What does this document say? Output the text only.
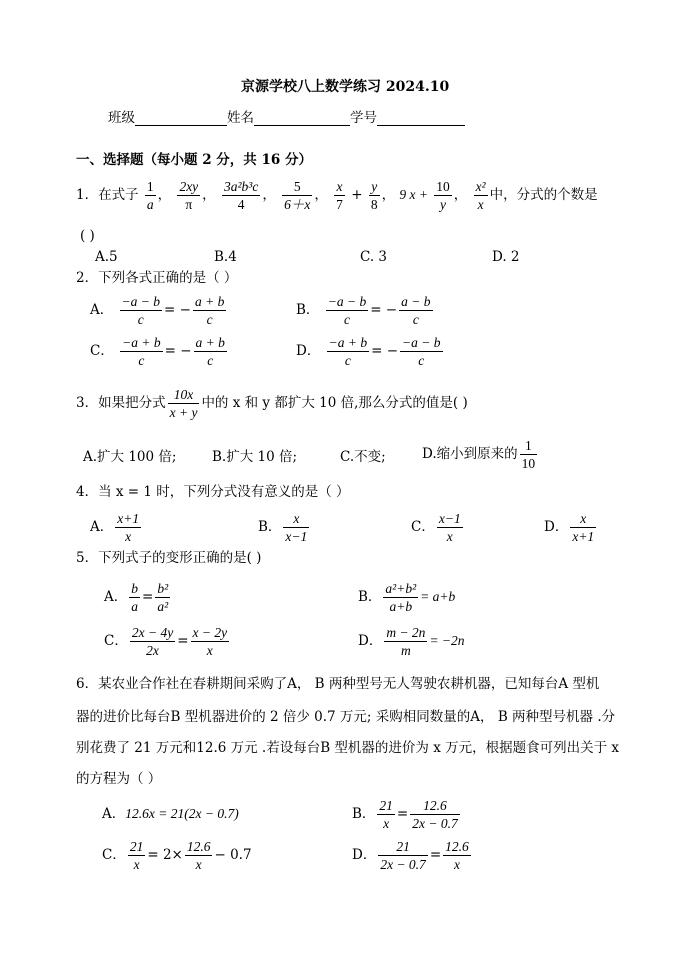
京源学校八上数学练习 2024.10
班级	姓名	学号
一、选择题（每小题 2 分，共 16 分）
1．在式子 $\frac{1}{a}$ ， $\frac{2xy}{\pi}$ ， $\frac{\text{3a²b³c}}{4}$ ， $\frac{5}{6+x}$ ， $\frac{x}{7} + \frac{y}{8}$ ， 9 $x + \frac{10}{y}$ ， $\frac{\text{x²}}{x}$ 中，分式的个数是
( )
A.5	B.4	C. 3	D. 2
2．下列各式正确的是（ ）
A． $\frac{-a - b}{c}$ = − $\frac{a + b}{c}$	B． $\frac{-a - b}{c}$ = − $\frac{a - b}{c}$
C． $\frac{-a + b}{c}$ = − $\frac{a + b}{c}$	D． $\frac{-a + b}{c}$ = − $\frac{-a - b}{c}$
3．如果把分式 $\frac{10x}{x + y}$ 中的 x 和 y 都扩大 10 倍,那么分式的值是( )
A.扩大 100 倍;	B.扩大 10 倍;	C.不变;	D.缩小到原来的 $\frac{1}{10}$
4．当 x = 1 时，下列分式没有意义的是（ ）
A． $\frac{x+1}{x}$	B． $\frac{x}{x-1}$	C． $\frac{x-1}{x}$	D． $\frac{x}{x+1}$
5．下列式子的变形正确的是( )
A． $\frac{b}{a} = \frac{\text{b²}}{\text{a²}}$	B． $\frac{\text{a²+b²}}{a+b} = a+b$
C． $\frac{2x - 4y}{2x} = \frac{x - 2y}{x}$	D． $\frac{m - 2n}{m} = -2n$
6．某农业合作社在春耕期间采购了A， B 两种型号无人驾驶农耕机器，已知每台A 型机
器的进价比每台B 型机器进价的 2 倍少 0.7 万元; 采购相同数量的A， B 两种型号机器 .分
别花费了 21 万元和12.6 万元 .若设每台B 型机器的进价为 x 万元，根据题食可列出关于 x
的方程为（ ）
A．12.6x = 21(2x − 0.7)	B． $\frac{21}{x} = \frac{12.6}{2x - 0.7}$
C． $\frac{21}{x} = 2\times \frac{12.6}{x} - 0.7$	D． $\frac{21}{2x - 0.7} = \frac{12.6}{x}$
